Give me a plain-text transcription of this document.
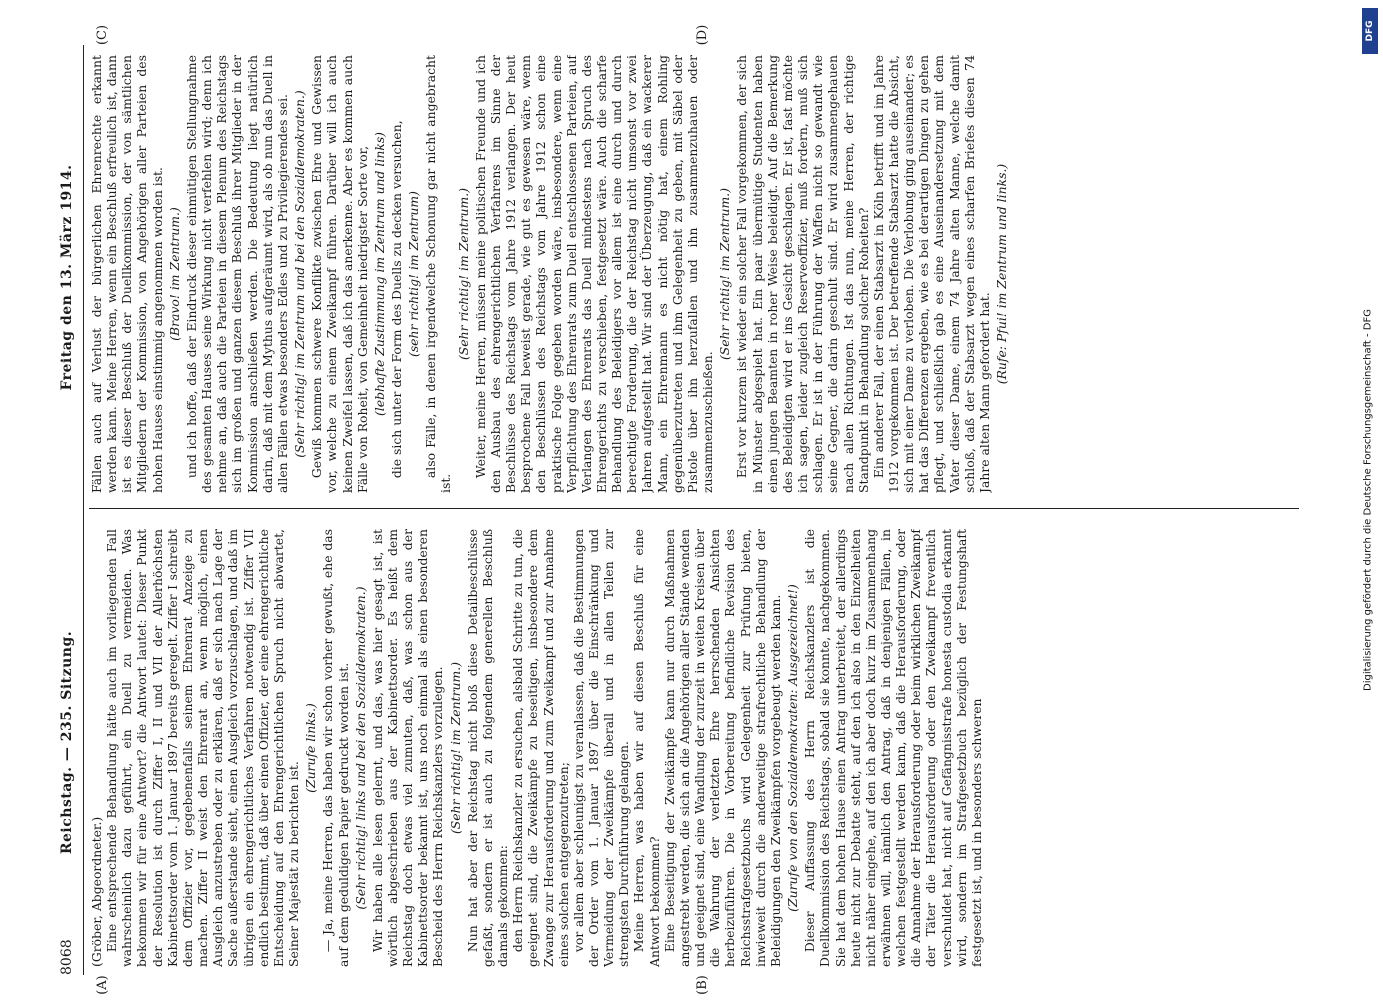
8068
Reichstag. — 235. Sitzung.
Freitag den 13. März 1914.

(Gröber, Abgeordneter.) Eine entsprechende Behandlung hätte auch im vorliegenden Fall wahrscheinlich dazu geführt, ein Duell zu vermeiden. Was bekommen wir für eine Antwort? die Antwort lautet: Dieser Punkt der Resolution ist durch Ziffer I, II und VII der Allerhöchsten Kabinettsorder vom 1. Januar 1897 bereits geregelt. Ziffer I schreibt dem Offizier vor, gegebenenfalls seinem Ehrenrat Anzeige zu machen. Ziffer II weist den Ehrenrat an, wenn möglich, einen Ausgleich anzustreben oder zu erklären, daß er sich nach Lage der Sache außerstande sieht, einen Ausgleich vorzuschlagen, und daß im übrigen ein ehrengerichtliches Verfahren notwendig ist. Ziffer VII endlich bestimmt, daß über einen Offizier, der eine ehrengerichtliche Entscheidung auf den Ehrengerichtlichen Spruch nicht abwartet, Seiner Majestät zu berichten ist.

(Zurufe links.) — Ja, meine Herren, das haben wir schon vorher gewußt, ehe das auf dem geduldigen Papier gedruckt worden ist. (Sehr richtig! links und bei den Sozialdemokraten.) Wir haben alle lesen gelernt, und das, was hier gesagt ist, ist wörtlich abgeschrieben aus der Kabinettsorder. Es heißt dem Reichstag doch etwas viel zumuten, daß, was schon aus der Kabinettsorder bekannt ist, uns noch einmal als einen besonderen Bescheid des Herrn Reichskanzlers vorzulegen. (Sehr richtig! im Zentrum.) Nun hat aber der Reichstag nicht bloß diese Detailbeschlüsse gefaßt, sondern er ist auch zu folgendem generellen Beschluß damals gekommen: den Herrn Reichskanzler zu ersuchen, alsbald Schritte zu tun, die geeignet sind, die Zweikämpfe zu beseitigen, insbesondere dem Zwange zur Herausforderung und zum Zweikampf und zur Annahme eines solchen entgegenzutreten; vor allem aber schleunigst zu veranlassen, daß die Bestimmungen der Order vom 1. Januar 1897 über die Einschränkung und Vermeidung der Zweikämpfe überall und in allen Teilen zur strengsten Durchführung gelangen. Meine Herren, was haben wir auf diesen Beschluß für eine Antwort bekommen? Eine Beseitigung der Zweikämpfe kann nur durch Maßnahmen angestrebt werden, die sich an die Angehörigen aller Stände wenden und geeignet sind, eine Wandlung der zurzeit in weiten Kreisen über die Wahrung der verletzten Ehre herrschenden Ansichten herbeizuführen. Die in Vorbereitung befindliche Revision des Reichsstrafgesetzbuchs wird Gelegenheit zur Prüfung bieten, inwieweit durch die anderweitige strafrechtliche Behandlung der Beleidigungen den Zweikämpfen vorgebeugt werden kann. (Zurufe von den Sozialdemokraten: Ausgezeichnet!) Dieser Auffassung des Herrn Reichskanzlers ist die Duellkommission des Reichstags, sobald sie konnte, nachgekommen. Sie hat dem hohen Hause einen Antrag unterbreitet, der allerdings heute nicht zur Debatte steht, auf den ich also in den Einzelheiten nicht näher eingehe, auf den ich aber doch kurz im Zusammenhang erwähnen will, nämlich den Antrag, daß in denjenigen Fällen, in welchen festgestellt werden kann, daß die Herausforderung, oder die Annahme der Herausforderung oder beim wirklichen Zweikampf der Täter die Herausforderung oder den Zweikampf freventlich verschuldet hat, nicht auf Gefängnisstrafe honesta custodia erkannt wird, sondern im Strafgesetzbuch bezüglich der Festungshaft festgesetzt ist, und in besonders schweren

Fällen auch auf Verlust der bürgerlichen Ehrenrechte erkannt werden kann. Meine Herren, wenn ein Beschluß erfreulich ist, dann ist es dieser Beschluß der Duellkommission, der von sämtlichen Mitgliedern der Kommission, von Angehörigen aller Parteien des hohen Hauses einstimmig angenommen worden ist. (Bravo! im Zentrum.) und ich hoffe, daß der Eindruck dieser einmütigen Stellungnahme des gesamten Hauses seine Wirkung nicht verfehlen wird; denn ich nehme an, daß auch die Parteien in diesem Plenum des Reichstags sich im großen und ganzen diesem Beschluß ihrer Mitglieder in der Kommission anschließen werden. Die Bedeutung liegt natürlich darin, daß mit dem Mythus aufgeräumt wird, als ob nun das Duell in allen Fällen etwas besonders Edles und zu Privilegierendes sei. (Sehr richtig! im Zentrum und bei den Sozialdemokraten.) Gewiß kommen schwere Konflikte zwischen Ehre und Gewissen vor, welche zu einem Zweikampf führen. Darüber will ich auch keinen Zweifel lassen, daß ich das anerkenne. Aber es kommen auch Fälle von Roheit, von Gemeinheit niedrigster Sorte vor, (lebhafte Zustimmung im Zentrum und links) die sich unter der Form des Duells zu decken versuchen, (sehr richtig! im Zentrum) also Fälle, in denen irgendwelche Schonung gar nicht angebracht ist.

(Sehr richtig! im Zentrum.) Weiter, meine Herren, müssen meine politischen Freunde und ich den Ausbau des ehrengerichtlichen Verfahrens im Sinne der Beschlüsse des Reichstags vom Jahre 1912 verlangen. Der heut besprochene Fall beweist gerade, wie gut es gewesen wäre, wenn den Beschlüssen des Reichstags vom Jahre 1912 schon eine praktische Folge gegeben worden wäre, insbesondere, wenn eine Verpflichtung des Ehrenrats zum Duell entschlossenen Parteien, auf Verlangen des Ehrenrats das Duell mindestens nach Spruch des Ehrengerichts zu verschieben, festgesetzt wäre. Auch die scharfe Behandlung des Beleidigers vor allem ist eine durch und durch berechtigte Forderung, die der Reichstag nicht umsonst vor zwei Jahren aufgestellt hat. Wir sind der Überzeugung, daß ein wackerer Mann, ein Ehrenmann es nicht nötig hat, einem Rohling gegenüberzutreten und ihm Gelegenheit zu geben, mit Säbel oder Pistole über ihn herzufallen und ihn zusammenzuhauen oder zusammenzuschießen.

(Sehr richtig! im Zentrum.) Erst vor kurzem ist wieder ein solcher Fall vorgekommen, der sich in Münster abgespielt hat. Ein paar übermütige Studenten haben einen jungen Beamten in roher Weise beleidigt. Auf die Bemerkung des Beleidigten wird er ins Gesicht geschlagen. Er ist, fast möchte ich sagen, leider zugleich Reserveoffizier, muß fordern, muß sich schlagen. Er ist in der Führung der Waffen nicht so gewandt wie seine Gegner, die darin geschult sind. Er wird zusammengehauen nach allen Richtungen. Ist das nun, meine Herren, der richtige Standpunkt in Behandlung solcher Roheiten? Ein anderer Fall, der einen Stabsarzt in Köln betrifft und im Jahre 1912 vorgekommen ist. Der betreffende Stabsarzt hatte die Absicht, sich mit einer Dame zu verloben. Die Verlobung ging auseinander; es hat das Differenzen ergeben, wie es bei derartigen Dingen zu gehen pflegt, und schließlich gab es eine Auseinandersetzung mit dem Vater dieser Dame, einem 74 Jahre alten Manne, welche damit schloß, daß der Stabsarzt wegen eines scharfen Briefes diesen 74 Jahre alten Mann gefordert hat.

(Rufe: Pfui! im Zentrum und links.)

(A)	(B)
(C)	(D)	DFG
Digitalisierung gefördert durch die Deutsche Forschungsgemeinschaft - DFG
